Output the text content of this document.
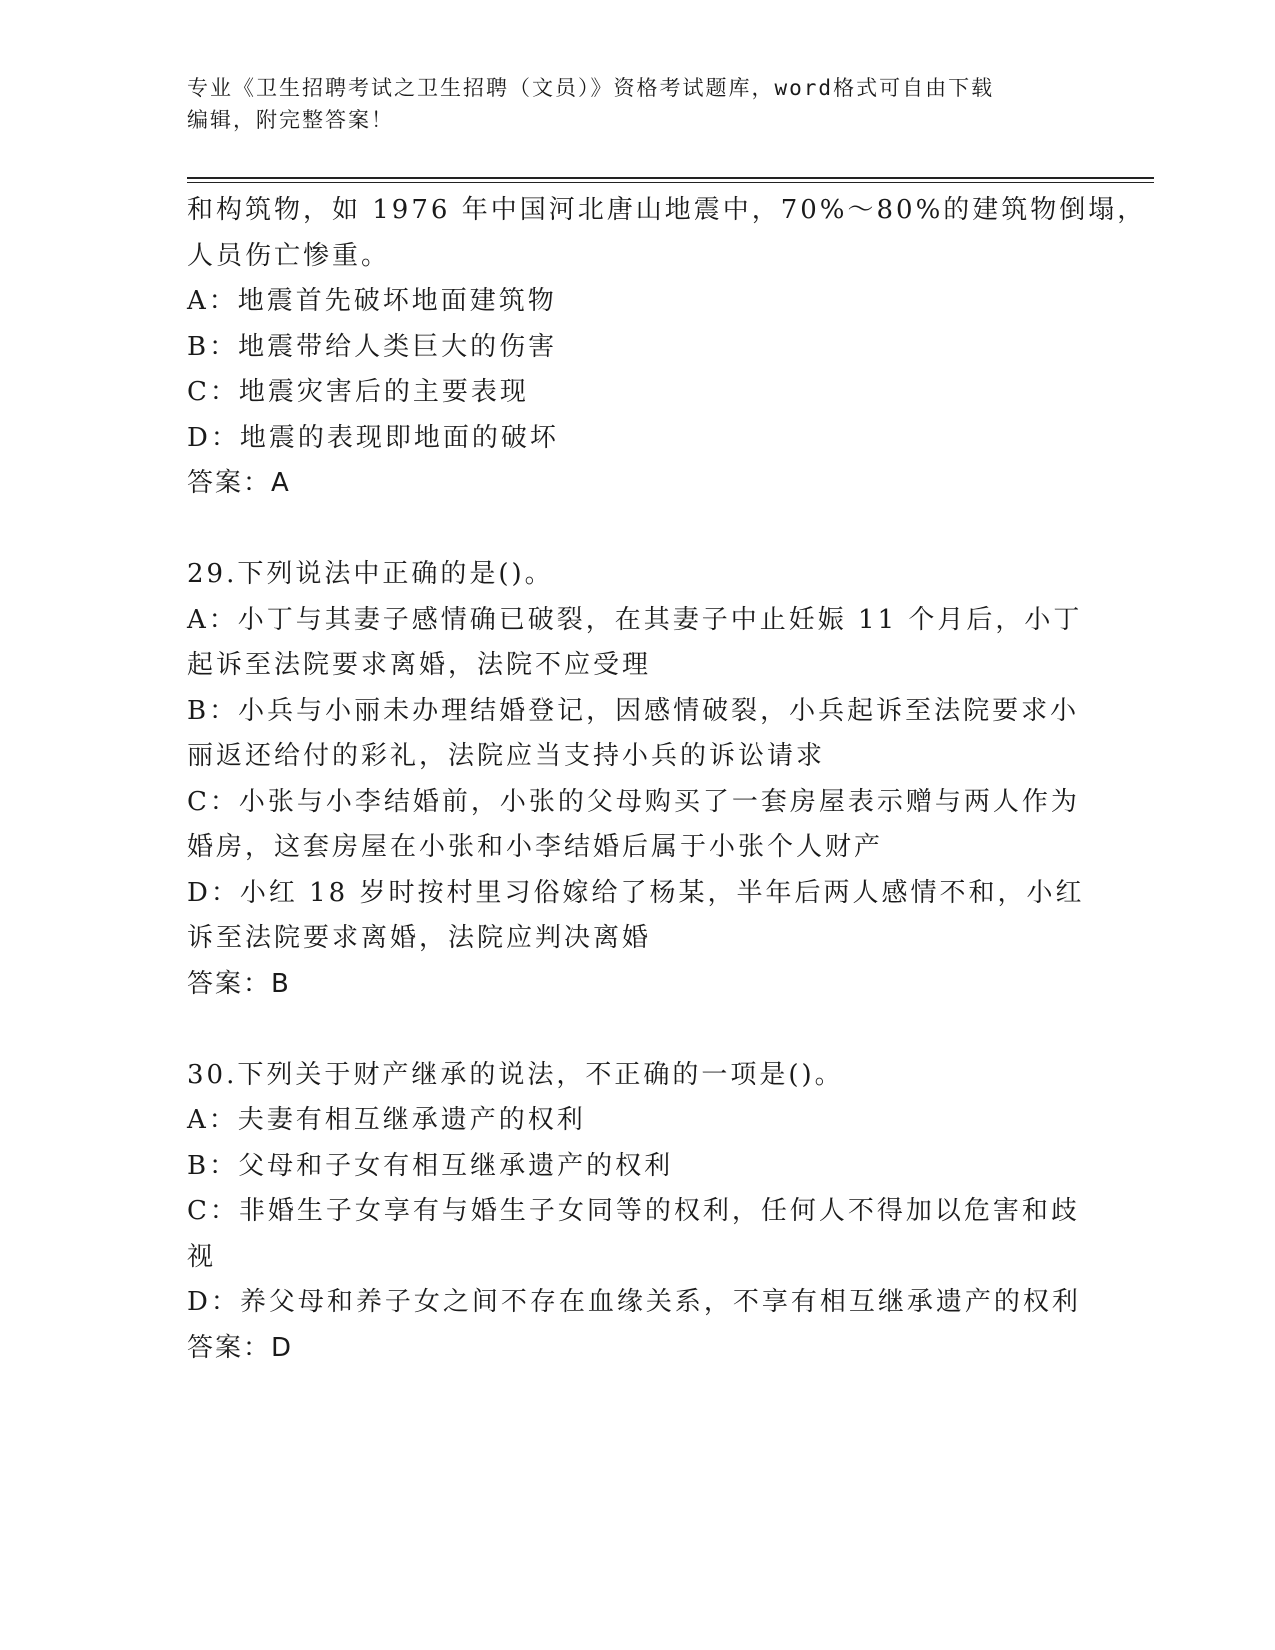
专业《卫生招聘考试之卫生招聘（文员）》资格考试题库，word格式可自由下载
编辑，附完整答案！
和构筑物，如 1976 年中国河北唐山地震中，70%～80%的建筑物倒塌，
人员伤亡惨重。
A：地震首先破坏地面建筑物
B：地震带给人类巨大的伤害
C：地震灾害后的主要表现
D：地震的表现即地面的破坏
答案：A
29.下列说法中正确的是()。
A：小丁与其妻子感情确已破裂，在其妻子中止妊娠 11 个月后，小丁
起诉至法院要求离婚，法院不应受理
B：小兵与小丽未办理结婚登记，因感情破裂，小兵起诉至法院要求小
丽返还给付的彩礼，法院应当支持小兵的诉讼请求
C：小张与小李结婚前，小张的父母购买了一套房屋表示赠与两人作为
婚房，这套房屋在小张和小李结婚后属于小张个人财产
D：小红 18 岁时按村里习俗嫁给了杨某，半年后两人感情不和，小红
诉至法院要求离婚，法院应判决离婚
答案：B
30.下列关于财产继承的说法，不正确的一项是()。
A：夫妻有相互继承遗产的权利
B：父母和子女有相互继承遗产的权利
C：非婚生子女享有与婚生子女同等的权利，任何人不得加以危害和歧
视
D：养父母和养子女之间不存在血缘关系，不享有相互继承遗产的权利
答案：D
